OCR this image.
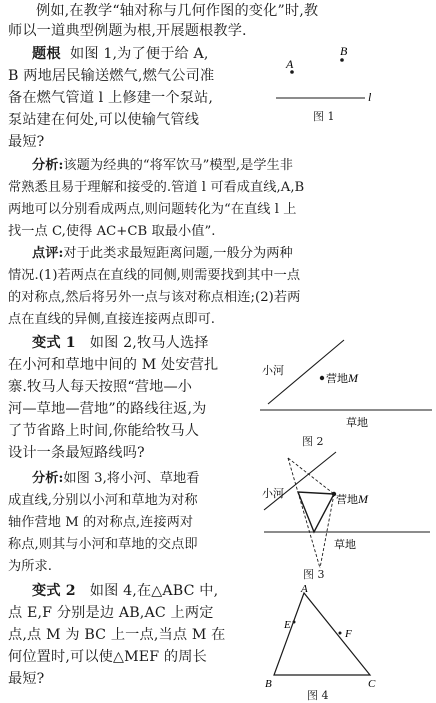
例如,在教学“轴对称与几何作图的变化”时,教
师以一道典型例题为根,开展题根教学.
题根 如图 1,为了便于给 A,
B 两地居民输送燃气,燃气公司准
备在燃气管道 l 上修建一个泵站,
泵站建在何处,可以使输气管线
最短?
A
B
l
图 1
分析:该题为经典的“将军饮马”模型,是学生非
常熟悉且易于理解和接受的.管道 l 可看成直线,A,B
两地可以分别看成两点,则问题转化为“在直线 l 上
找一点 C,使得 AC+CB 取最小值”.
点评:对于此类求最短距离问题,一般分为两种
情况.(1)若两点在直线的同侧,则需要找到其中一点
的对称点,然后将另外一点与该对称点相连;(2)若两
点在直线的异侧,直接连接两点即可.
变式 1 如图 2,牧马人选择
在小河和草地中间的 M 处安营扎
寨.牧马人每天按照“营地—小
河—草地—营地”的路线往返,为
了节省路上时间,你能给牧马人
设计一条最短路线吗?
营地M
小河
草地
图 2
分析:如图 3,将小河、草地看
成直线,分别以小河和草地为对称
轴作营地 M 的对称点,连接两对
称点,则其与小河和草地的交点即
为所求.
营地M
小河
草地
图 3
变式 2 如图 4,在△ABC 中,
点 E,F 分别是边 AB,AC 上两定
点,点 M 为 BC 上一点,当点 M 在
何位置时,可以使△MEF 的周长
最短?
A
B	C
E
F
图 4
